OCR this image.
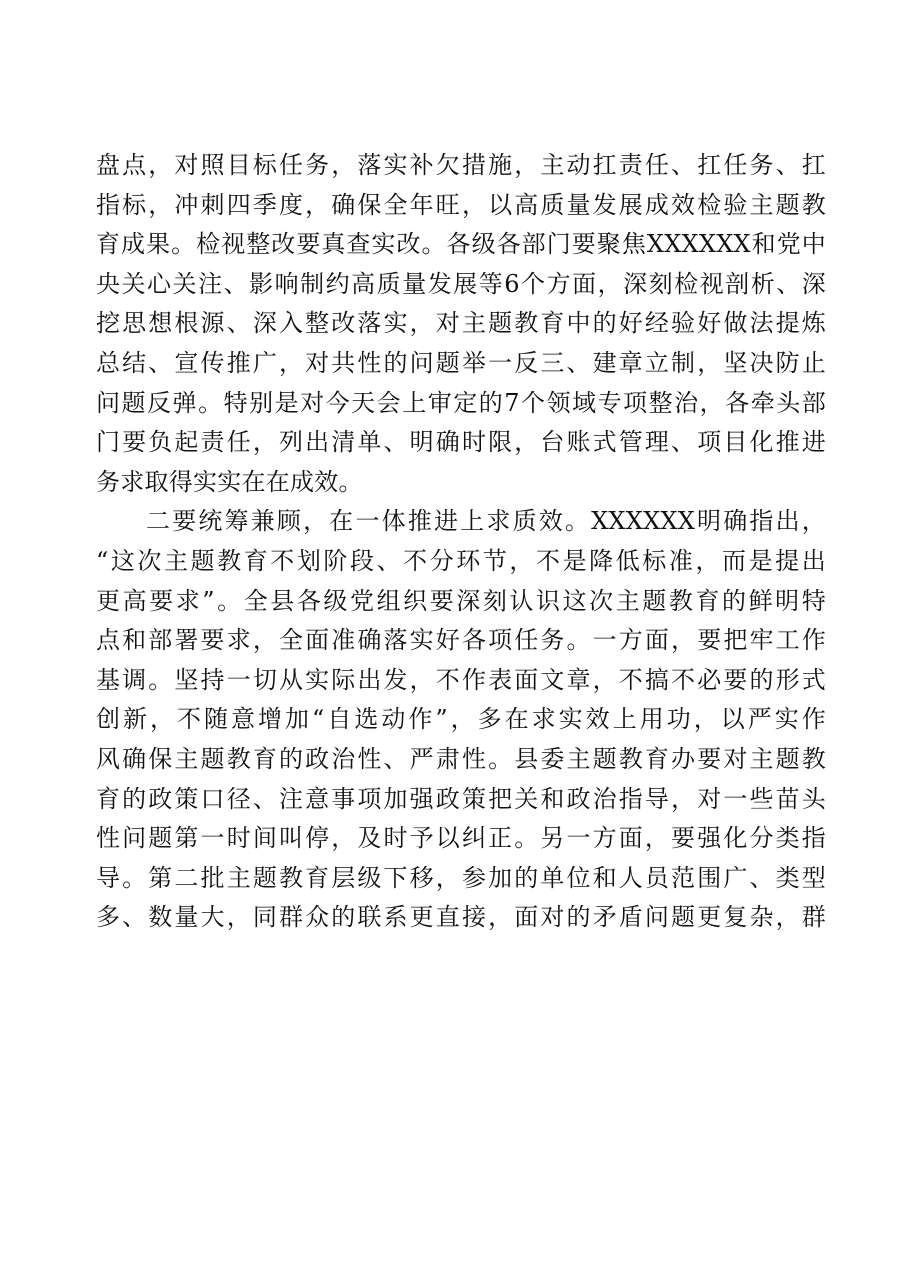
盘点，对照目标任务，落实补欠措施，主动扛责任、扛任务、扛
指标，冲刺四季度，确保全年旺，以高质量发展成效检验主题教
育成果。检视整改要真查实改。各级各部门要聚焦XXXXXX和党中
央关心关注、影响制约高质量发展等6个方面，深刻检视剖析、深
挖思想根源、深入整改落实，对主题教育中的好经验好做法提炼
总结、宣传推广，对共性的问题举一反三、建章立制，坚决防止
问题反弹。特别是对今天会上审定的7个领域专项整治，各牵头部
门要负起责任，列出清单、明确时限，台账式管理、项目化推进
务求取得实实在在成效。
二要统筹兼顾，在一体推进上求质效。XXXXXX明确指出，
“这次主题教育不划阶段、不分环节，不是降低标准，而是提出
更高要求”。全县各级党组织要深刻认识这次主题教育的鲜明特
点和部署要求，全面准确落实好各项任务。一方面，要把牢工作
基调。坚持一切从实际出发，不作表面文章，不搞不必要的形式
创新，不随意增加“自选动作”，多在求实效上用功，以严实作
风确保主题教育的政治性、严肃性。县委主题教育办要对主题教
育的政策口径、注意事项加强政策把关和政治指导，对一些苗头
性问题第一时间叫停，及时予以纠正。另一方面，要强化分类指
导。第二批主题教育层级下移，参加的单位和人员范围广、类型
多、数量大，同群众的联系更直接，面对的矛盾问题更复杂，群
